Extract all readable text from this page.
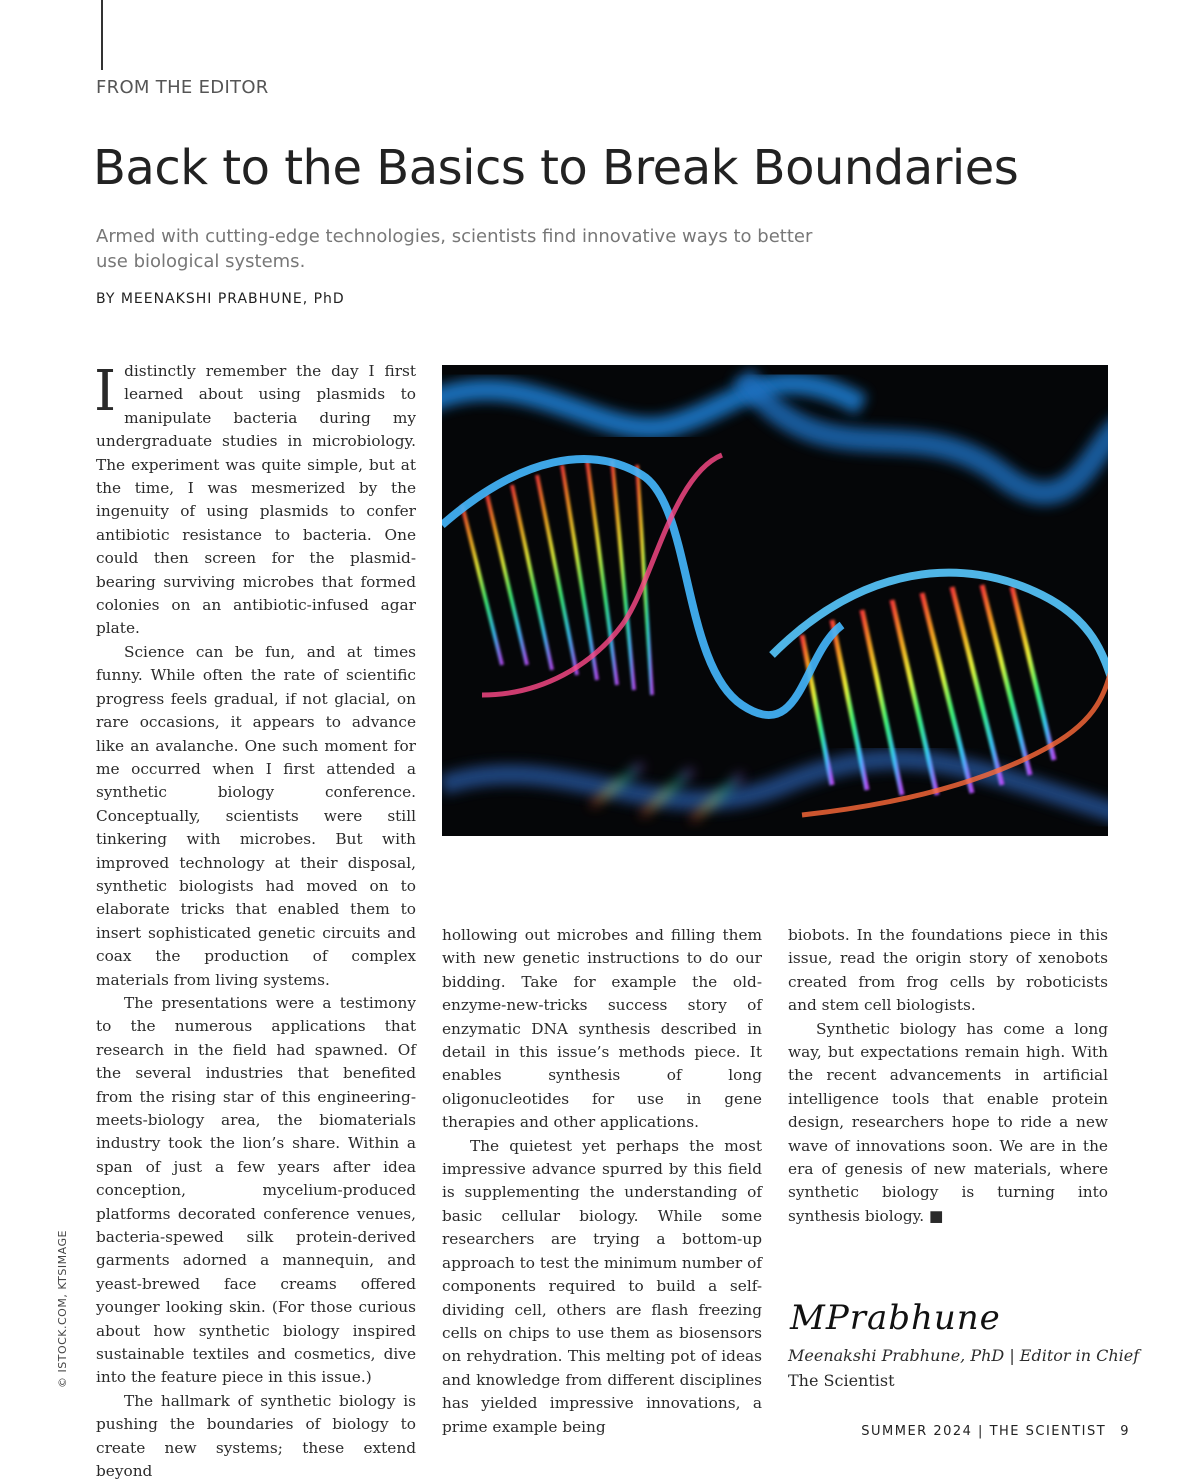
FROM THE EDITOR
Back to the Basics to Break Boundaries
Armed with cutting-edge technologies, scientists find innovative ways to better use biological systems.
BY MEENAKSHI PRABHUNE, PhD

Idistinctly remember the day I first learned about using plasmids to manipulate bacteria during my undergraduate studies in microbiology. The experiment was quite simple, but at the time, I was mesmerized by the ingenuity of using plasmids to confer antibiotic resistance to bacteria. One could then screen for the plasmid-bearing surviving microbes that formed colonies on an antibiotic-infused agar plate.

Science can be fun, and at times funny. While often the rate of scientific progress feels gradual, if not glacial, on rare occasions, it appears to advance like an avalanche. One such moment for me occurred when I first attended a synthetic biology conference. Conceptually, scientists were still tinkering with microbes. But with improved technology at their disposal, synthetic biologists had moved on to elaborate tricks that enabled them to insert sophisticated genetic circuits and coax the production of complex materials from living systems.

The presentations were a testimony to the numerous applications that research in the field had spawned. Of the several industries that benefited from the rising star of this engineering-meets-biology area, the biomaterials industry took the lion’s share. Within a span of just a few years after idea conception, mycelium-produced platforms decorated conference venues, bacteria-spewed silk protein-derived garments adorned a mannequin, and yeast-brewed face creams offered younger looking skin. (For those curious about how synthetic biology inspired sustainable textiles and cosmetics, dive into the feature piece in this issue.)

The hallmark of synthetic biology is pushing the boundaries of biology to create new systems; these extend beyond

hollowing out microbes and filling them with new genetic instructions to do our bidding. Take for example the old-enzyme-new-tricks success story of enzymatic DNA synthesis described in detail in this issue’s methods piece. It enables synthesis of long oligonucleotides for use in gene therapies and other applications.

The quietest yet perhaps the most impressive advance spurred by this field is supplementing the understanding of basic cellular biology. While some researchers are trying a bottom-up approach to test the minimum number of components required to build a self-dividing cell, others are flash freezing cells on chips to use them as biosensors on rehydration. This melting pot of ideas and knowledge from different disciplines has yielded impressive innovations, a prime example being

biobots. In the foundations piece in this issue, read the origin story of xenobots created from frog cells by roboticists and stem cell biologists.

Synthetic biology has come a long way, but expectations remain high. With the recent advancements in artificial intelligence tools that enable protein design, researchers hope to ride a new wave of innovations soon. We are in the era of genesis of new materials, where synthetic biology is turning into synthesis biology. ■

MPrabhune
Meenakshi Prabhune, PhD | Editor in Chief
The Scientist
© ISTOCK.COM, KTSIMAGE
SUMMER 2024 | THE SCIENTIST 9
